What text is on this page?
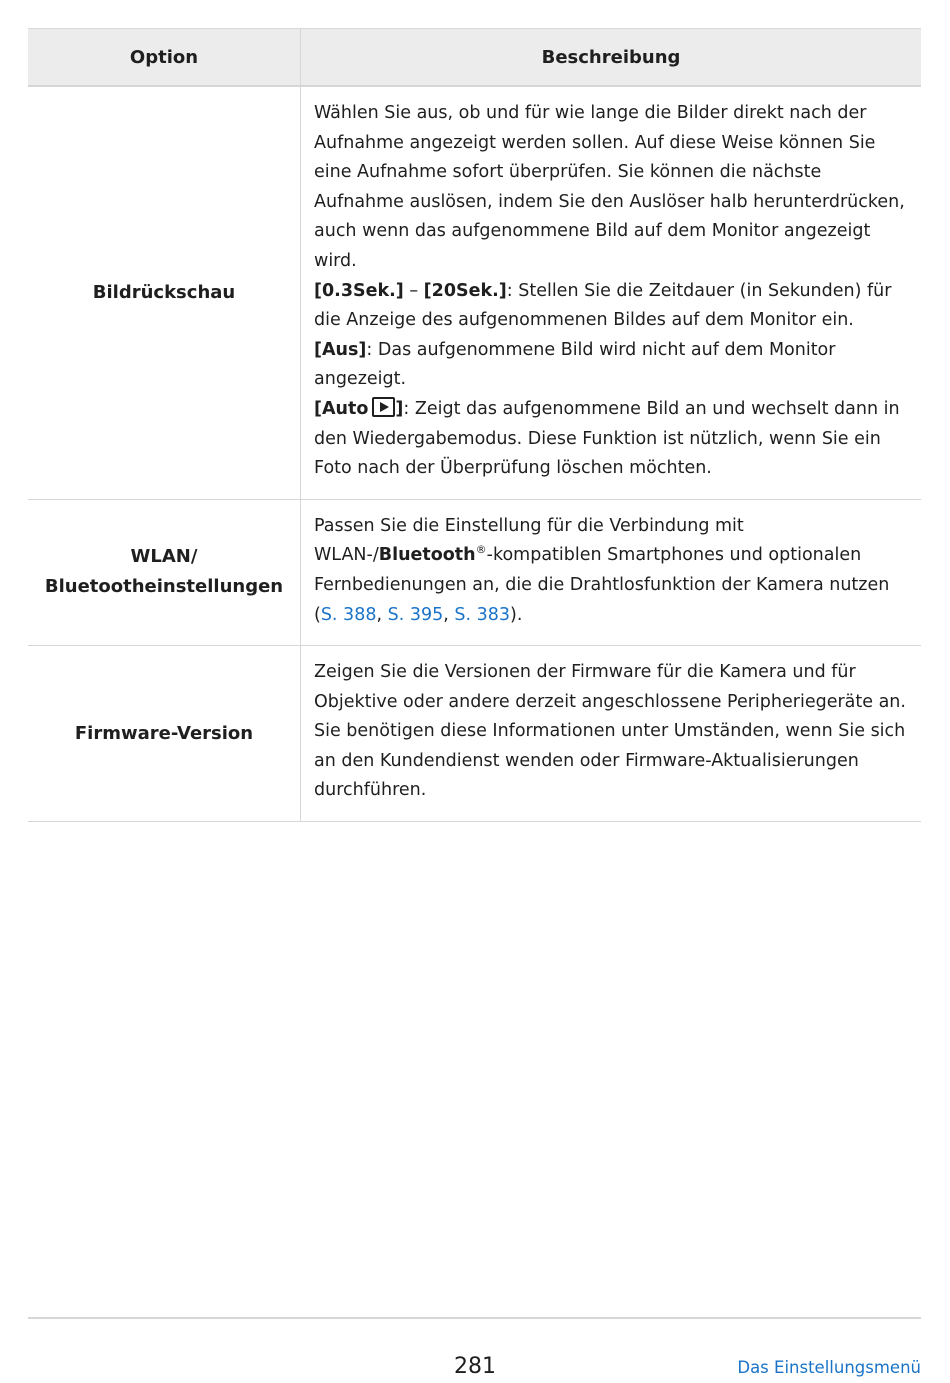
Option	Beschreibung
Bildrückschau	Wählen Sie aus, ob und für wie lange die Bilder direkt nach der Aufnahme angezeigt werden sollen. Auf diese Weise können Sie eine Aufnahme sofort überprüfen. Sie können die nächste Aufnahme auslösen, indem Sie den Auslöser halb herunterdrücken, auch wenn das aufgenommene Bild auf dem Monitor angezeigt wird.
[0.3Sek.] – [20Sek.]: Stellen Sie die Zeitdauer (in Sekunden) für die Anzeige des aufgenommenen Bildes auf dem Monitor ein.
[Aus]: Das aufgenommene Bild wird nicht auf dem Monitor angezeigt.
[Auto ]: Zeigt das aufgenommene Bild an und wechselt dann in den Wiedergabemodus. Diese Funktion ist nützlich, wenn Sie ein Foto nach der Überprüfung löschen möchten.
WLAN/
Bluetootheinstellungen	Passen Sie die Einstellung für die Verbindung mit WLAN-/Bluetooth®-kompatiblen Smartphones und optionalen Fernbedienungen an, die die Drahtlosfunktion der Kamera nutzen (S. 388, S. 395, S. 383).
Firmware-Version	Zeigen Sie die Versionen der Firmware für die Kamera und für Objektive oder andere derzeit angeschlossene Peripheriegeräte an. Sie benötigen diese Informationen unter Umständen, wenn Sie sich an den Kundendienst wenden oder Firmware-Aktualisierungen durchführen.
281	Das Einstellungsmenü
